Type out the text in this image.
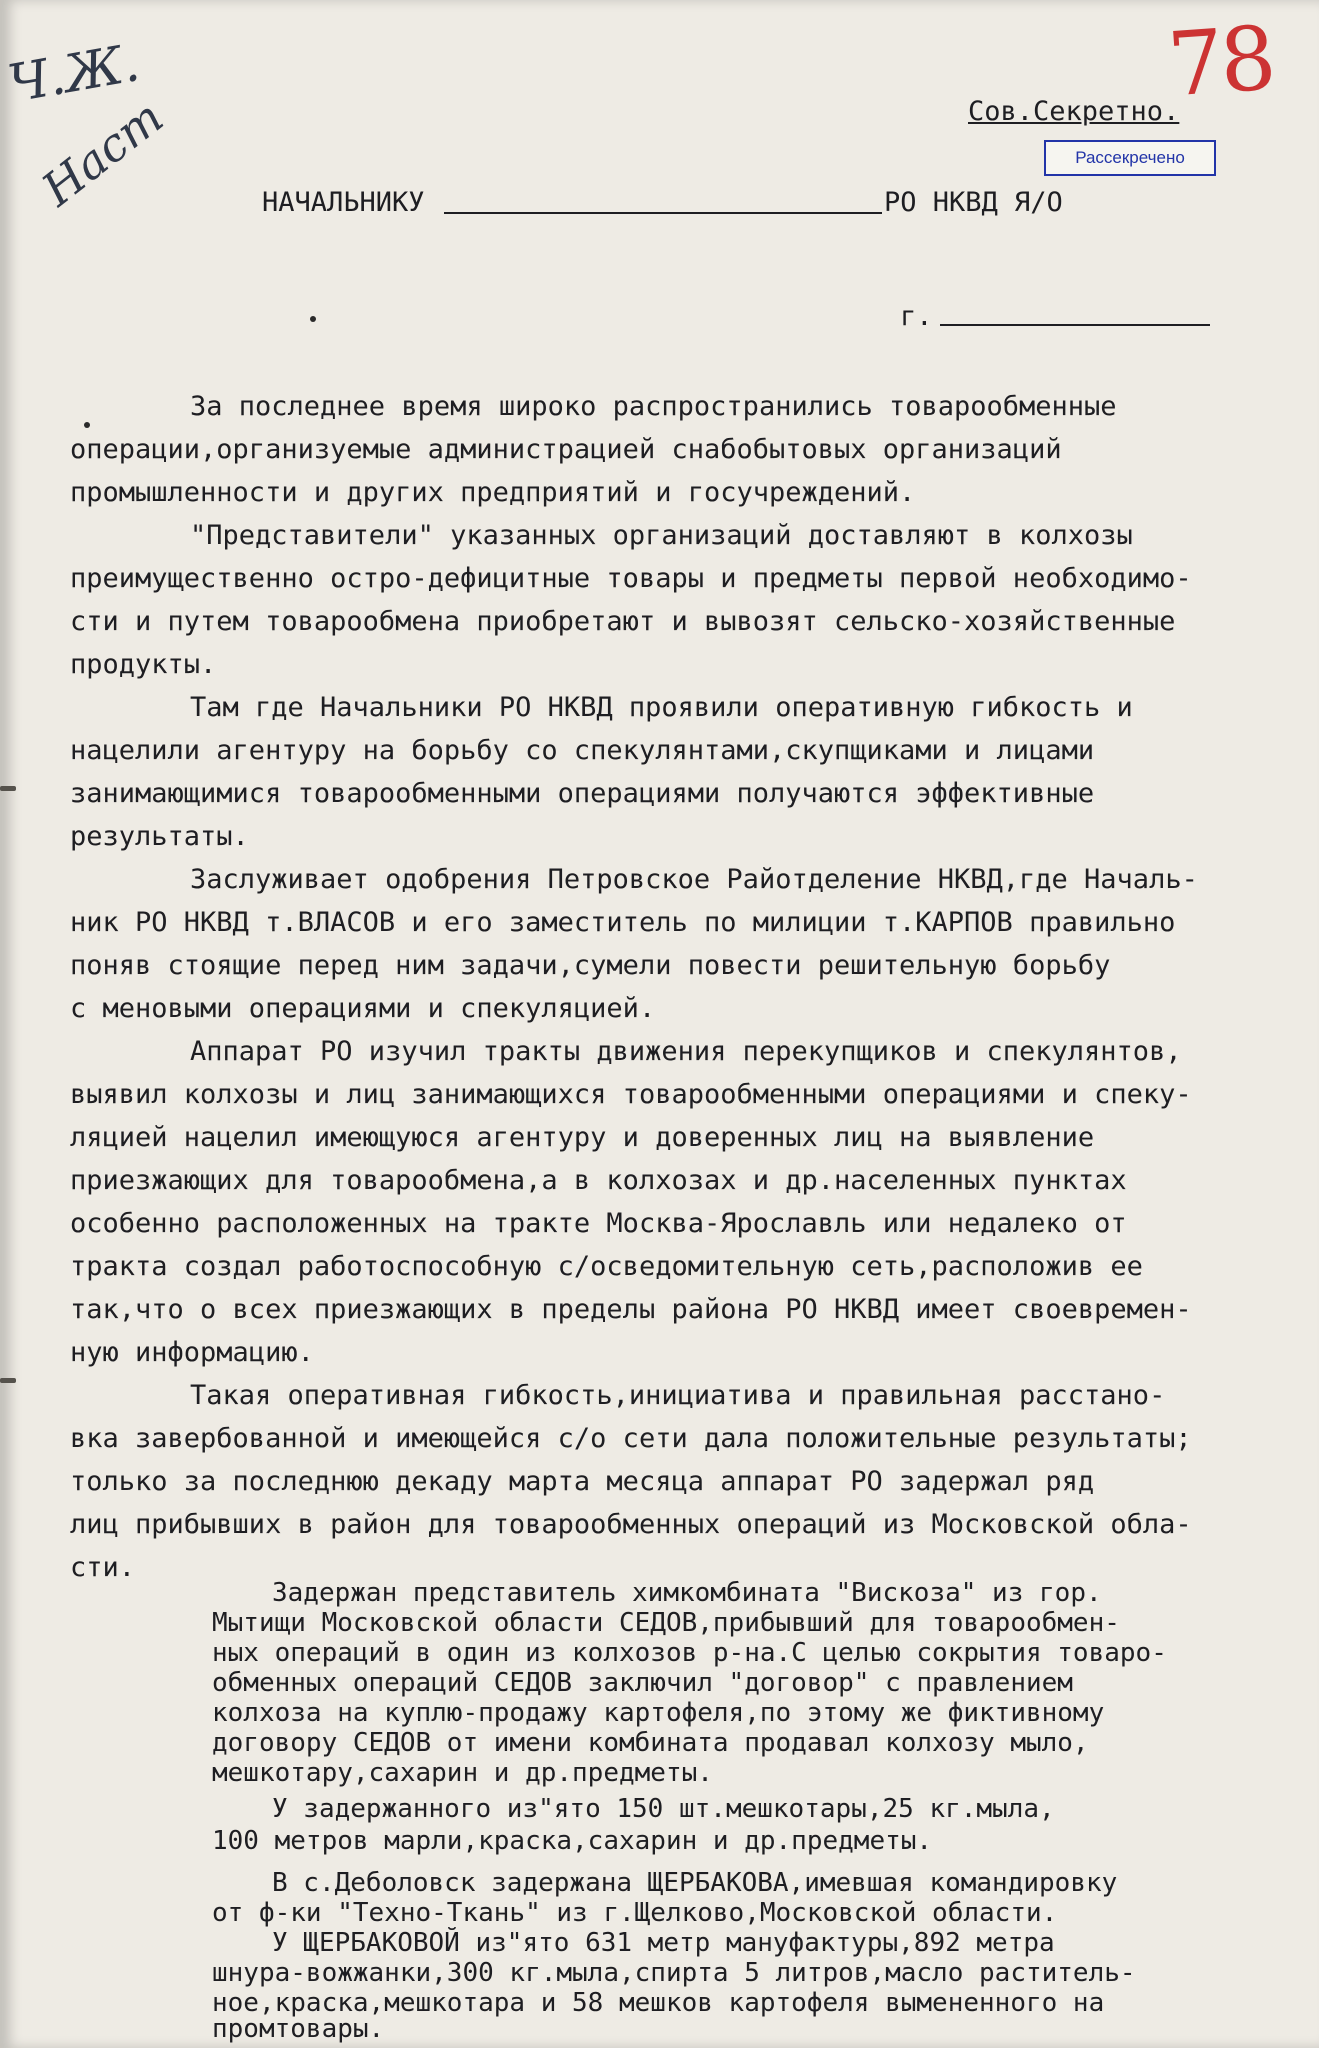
78
Ч.Ж.
Наст	Сов.Секретно.
Рассекречено
НАЧАЛЬНИКУ	РО НКВД Я/О
г.
За последнее время широко распространились товарообменные
операции,организуемые администрацией снабобытовых организаций
промышленности и других предприятий и госучреждений.
"Представители" указанных организаций доставляют в колхозы
преимущественно остро-дефицитные товары и предметы первой необходимо-
сти и путем товарообмена приобретают и вывозят сельско-хозяйственные
продукты.
Там где Начальники РО НКВД проявили оперативную гибкость и
нацелили агентуру на борьбу со спекулянтами,скупщиками и лицами
занимающимися товарообменными операциями получаются эффективные
результаты.
Заслуживает одобрения Петровское Райотделение НКВД,где Началь-
ник РО НКВД т.ВЛАСОВ и его заместитель по милиции т.КАРПОВ правильно
поняв стоящие перед ним задачи,сумели повести решительную борьбу
с меновыми операциями и спекуляцией.
Аппарат РО изучил тракты движения перекупщиков и спекулянтов,
выявил колхозы и лиц занимающихся товарообменными операциями и спеку-
ляцией нацелил имеющуюся агентуру и доверенных лиц на выявление
приезжающих для товарообмена,а в колхозах и др.населенных пунктах
особенно расположенных на тракте Москва-Ярославль или недалеко от
тракта создал работоспособную с/осведомительную сеть,расположив ее
так,что о всех приезжающих в пределы района РО НКВД имеет своевремен-
ную информацию.
Такая оперативная гибкость,инициатива и правильная расстано-
вка завербованной и имеющейся с/о сети дала положительные результаты;
только за последнюю декаду марта месяца аппарат РО задержал ряд
лиц прибывших в район для товарообменных операций из Московской обла-
сти.
Задержан представитель химкомбината "Вискоза" из гор.
Мытищи Московской области СЕДОВ,прибывший для товарообмен-
ных операций в один из колхозов р-на.С целью сокрытия товаро-
обменных операций СЕДОВ заключил "договор" с правлением
колхоза на куплю-продажу картофеля,по этому же фиктивному
договору СЕДОВ от имени комбината продавал колхозу мыло,
мешкотару,сахарин и др.предметы.
У задержанного из"ято 150 шт.мешкотары,25 кг.мыла,
100 метров марли,краска,сахарин и др.предметы.
В с.Деболовск задержана ЩЕРБАКОВА,имевшая командировку
от ф-ки "Техно-Ткань" из г.Щелково,Московской области.
У ЩЕРБАКОВОЙ из"ято 631 метр мануфактуры,892 метра
шнура-вожжанки,300 кг.мыла,спирта 5 литров,масло раститель-
ное,краска,мешкотара и 58 мешков картофеля вымененного на
промтовары.
